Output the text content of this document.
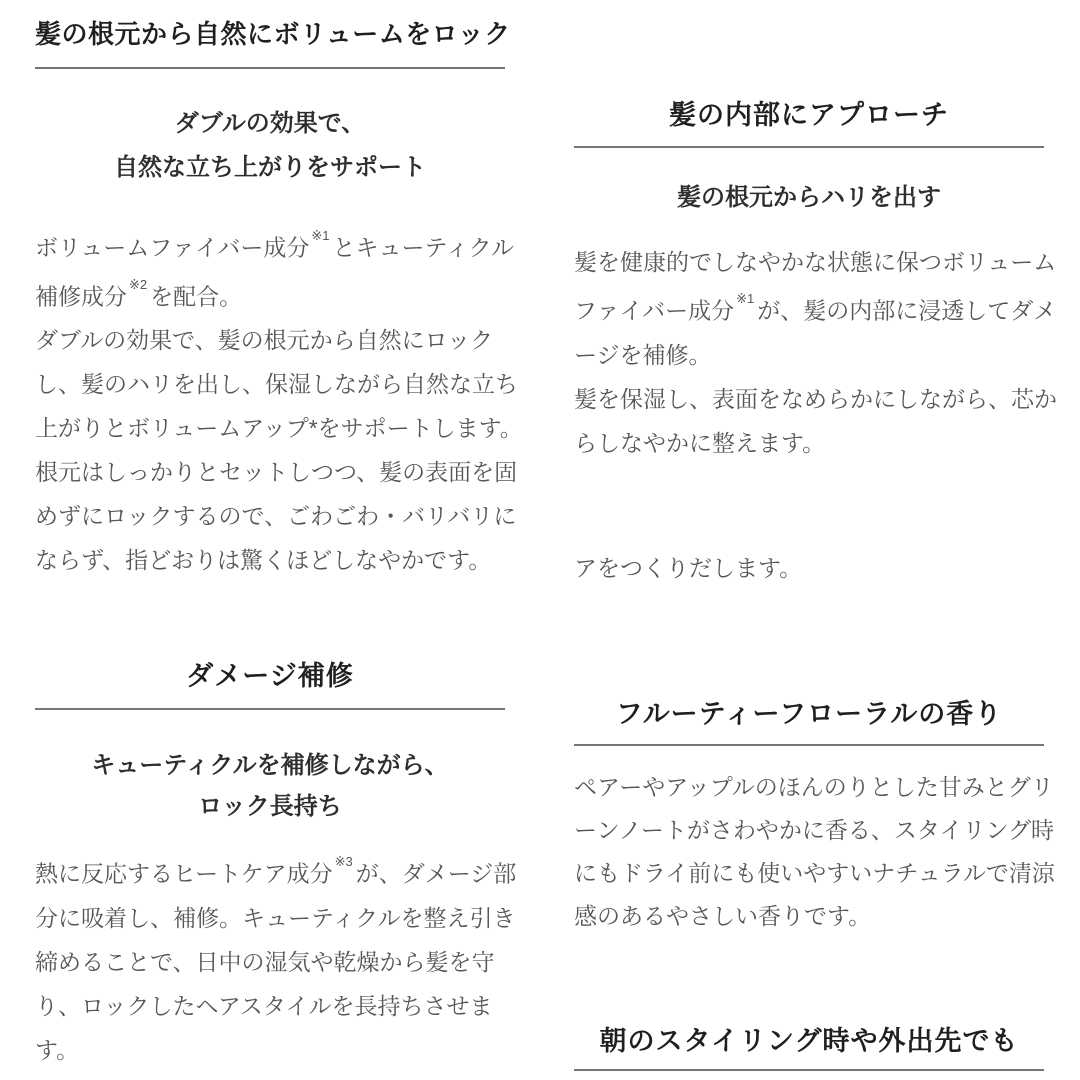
髪の根元から自然にボリュームをロック
ダブルの効果で、
自然な立ち上がりをサポート
ボリュームファイバー成分 $^{※1}$ とキューティクル
補修成分 $^{※2}$ を配合。
ダブルの効果で、髪の根元から自然にロック
し、髪のハリを出し、保湿しながら自然な立ち
上がりとボリュームアップ*をサポートします。
根元はしっかりとセットしつつ、髪の表面を固
めずにロックするので、ごわごわ・バリバリに
ならず、指どおりは驚くほどしなやかです。
ダメージ補修
キューティクルを補修しながら、
ロック長持ち
熱に反応するヒートケア成分 $^{※3}$ が、ダメージ部
分に吸着し、補修。キューティクルを整え引き
締めることで、日中の湿気や乾燥から髪を守
り、ロックしたヘアスタイルを長持ちさせま
す。
髪の内部にアプローチ
髪の根元からハリを出す
髪を健康的でしなやかな状態に保つボリューム
ファイバー成分 $^{※1}$ が、髪の内部に浸透してダメ
ージを補修。
髪を保湿し、表面をなめらかにしながら、芯か
らしなやかに整えます。
アをつくりだします。
フルーティーフローラルの香り
ペアーやアップルのほんのりとした甘みとグリ
ーンノートがさわやかに香る、スタイリング時
にもドライ前にも使いやすいナチュラルで清涼
感のあるやさしい香りです。
朝のスタイリング時や外出先でも
